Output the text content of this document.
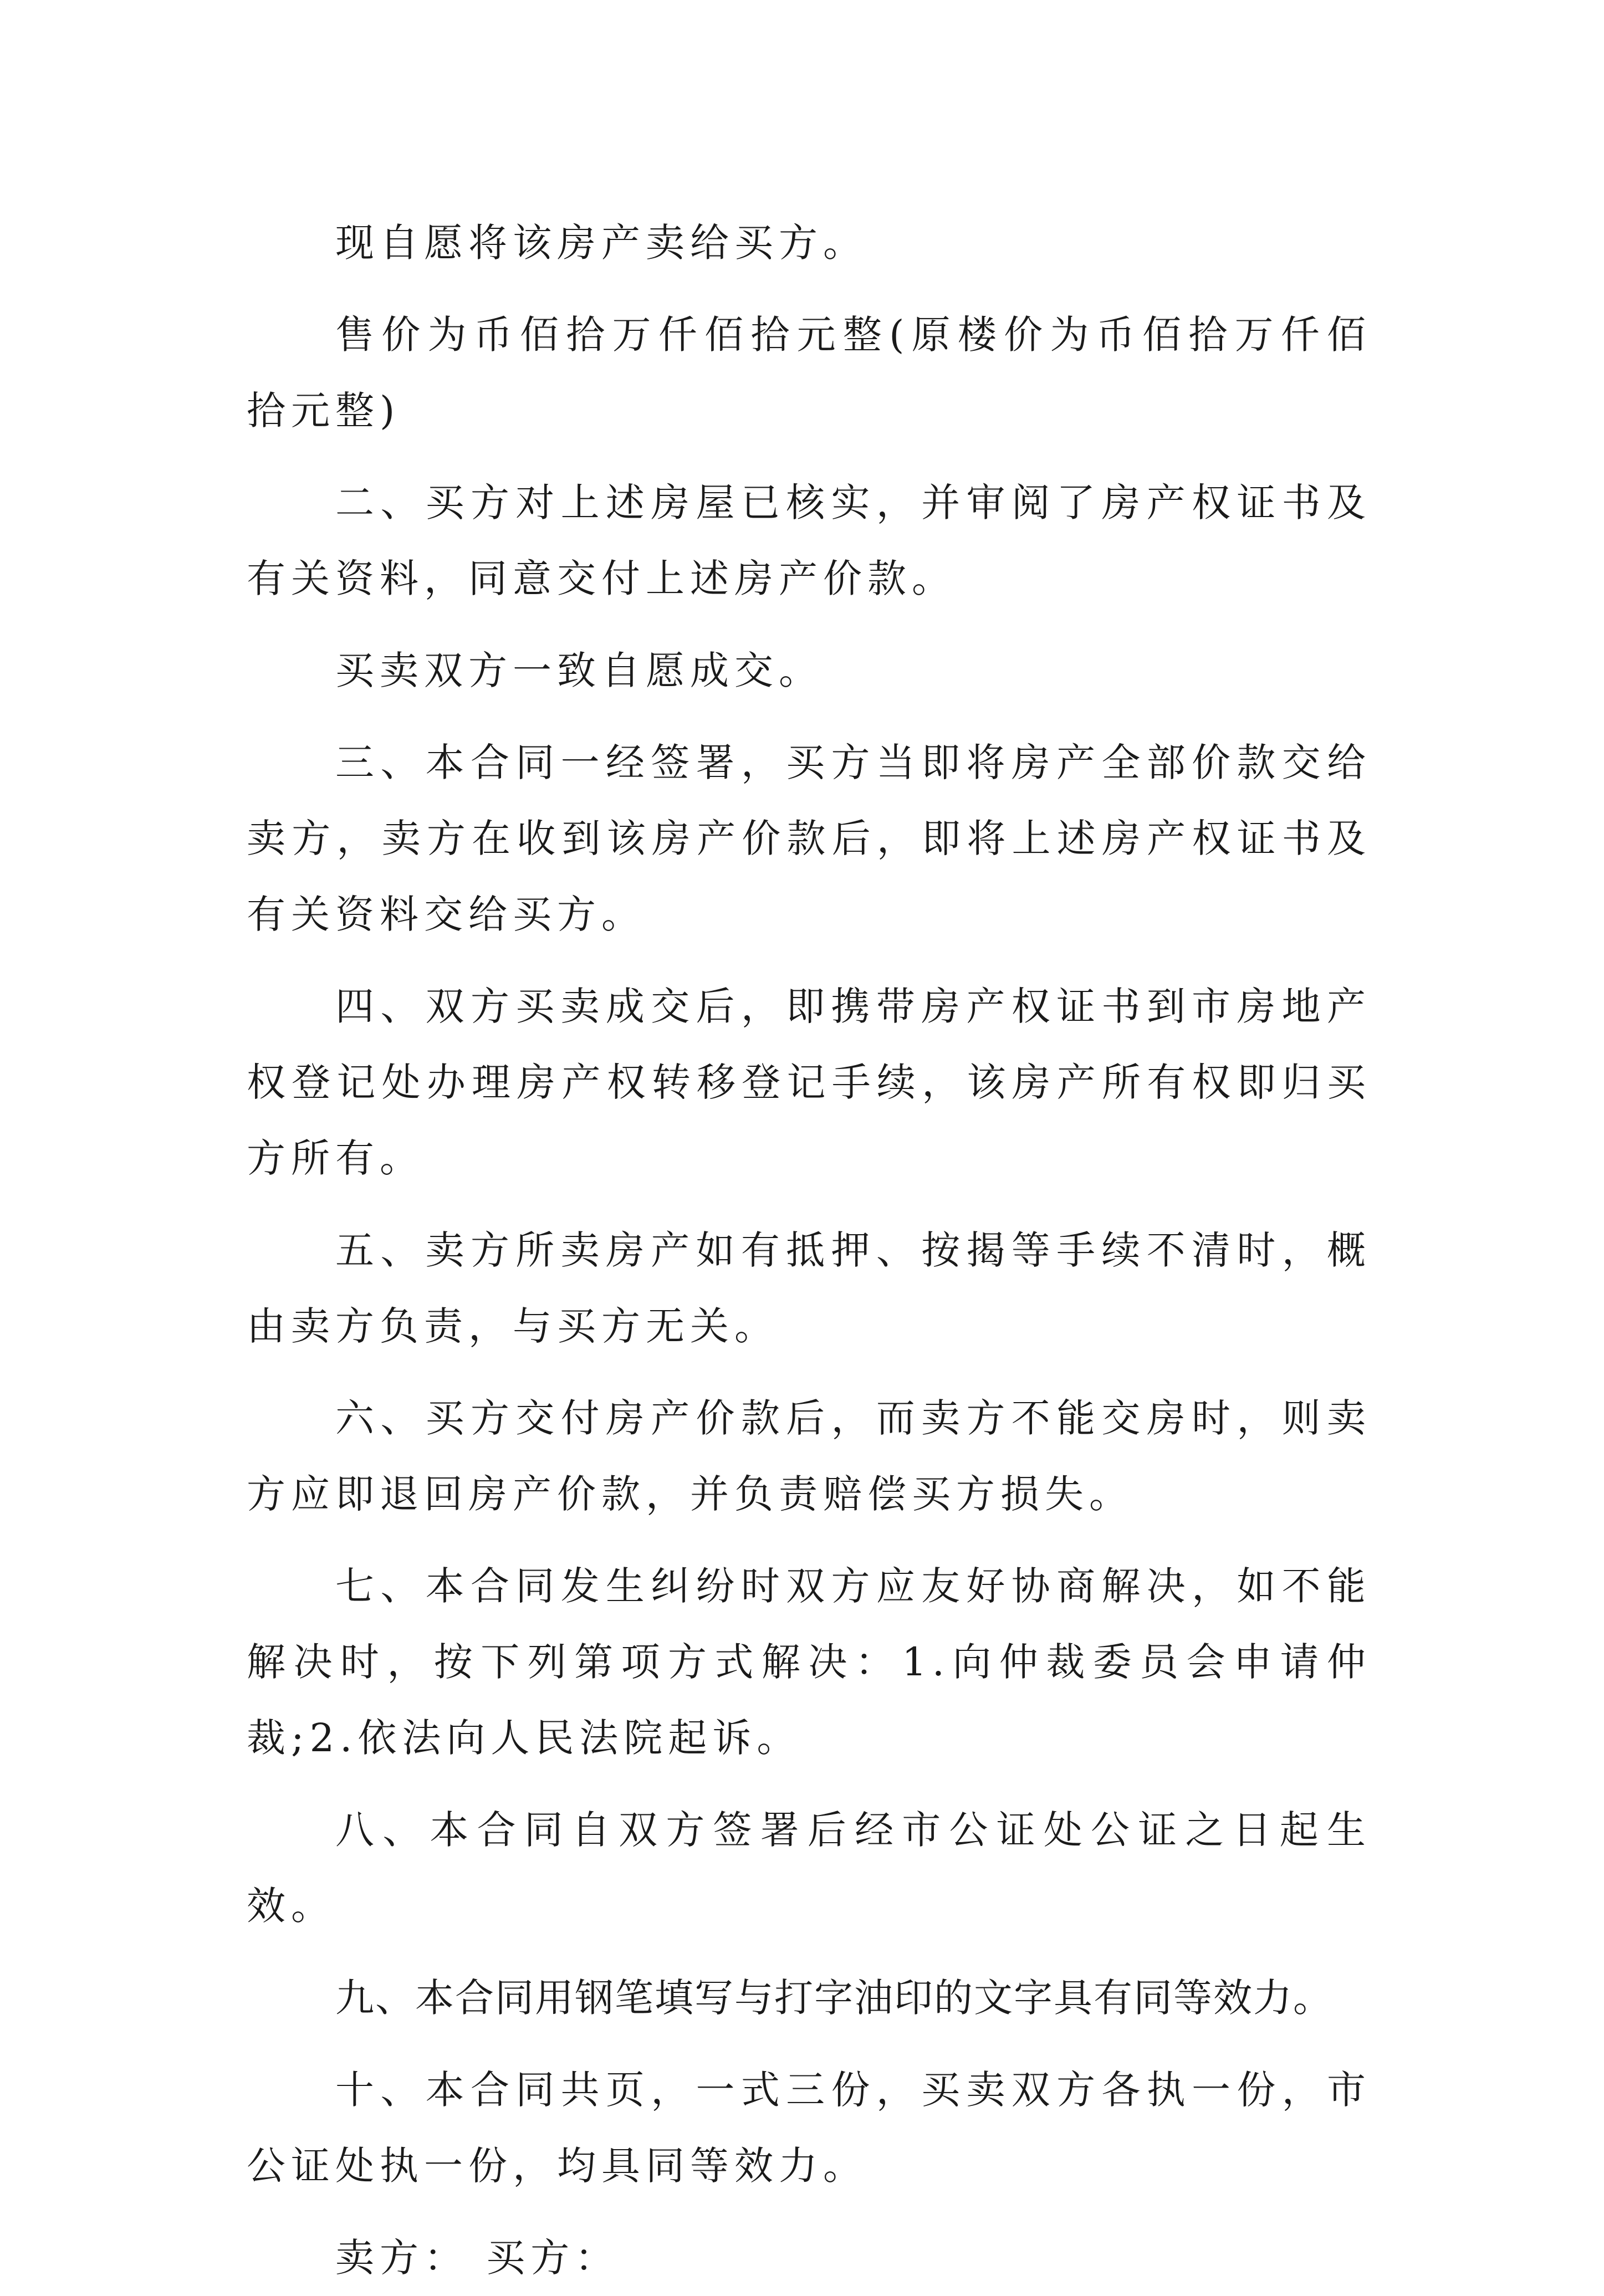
现自愿将该房产卖给买方。

售价为币佰拾万仟佰拾元整(原楼价为币佰拾万仟佰拾元整)

二、买方对上述房屋已核实，并审阅了房产权证书及有关资料，同意交付上述房产价款。

买卖双方一致自愿成交。

三、本合同一经签署，买方当即将房产全部价款交给卖方，卖方在收到该房产价款后，即将上述房产权证书及有关资料交给买方。

四、双方买卖成交后，即携带房产权证书到市房地产权登记处办理房产权转移登记手续，该房产所有权即归买方所有。

五、卖方所卖房产如有抵押、按揭等手续不清时，概由卖方负责，与买方无关。

六、买方交付房产价款后，而卖方不能交房时，则卖方应即退回房产价款，并负责赔偿买方损失。

七、本合同发生纠纷时双方应友好协商解决，如不能解决时，按下列第项方式解决：1.向仲裁委员会申请仲裁;2.依法向人民法院起诉。

八、本合同自双方签署后经市公证处公证之日起生效。

九、本合同用钢笔填写与打字油印的文字具有同等效力。

十、本合同共页，一式三份，买卖双方各执一份，市公证处执一份，均具同等效力。

卖方： 买方：
